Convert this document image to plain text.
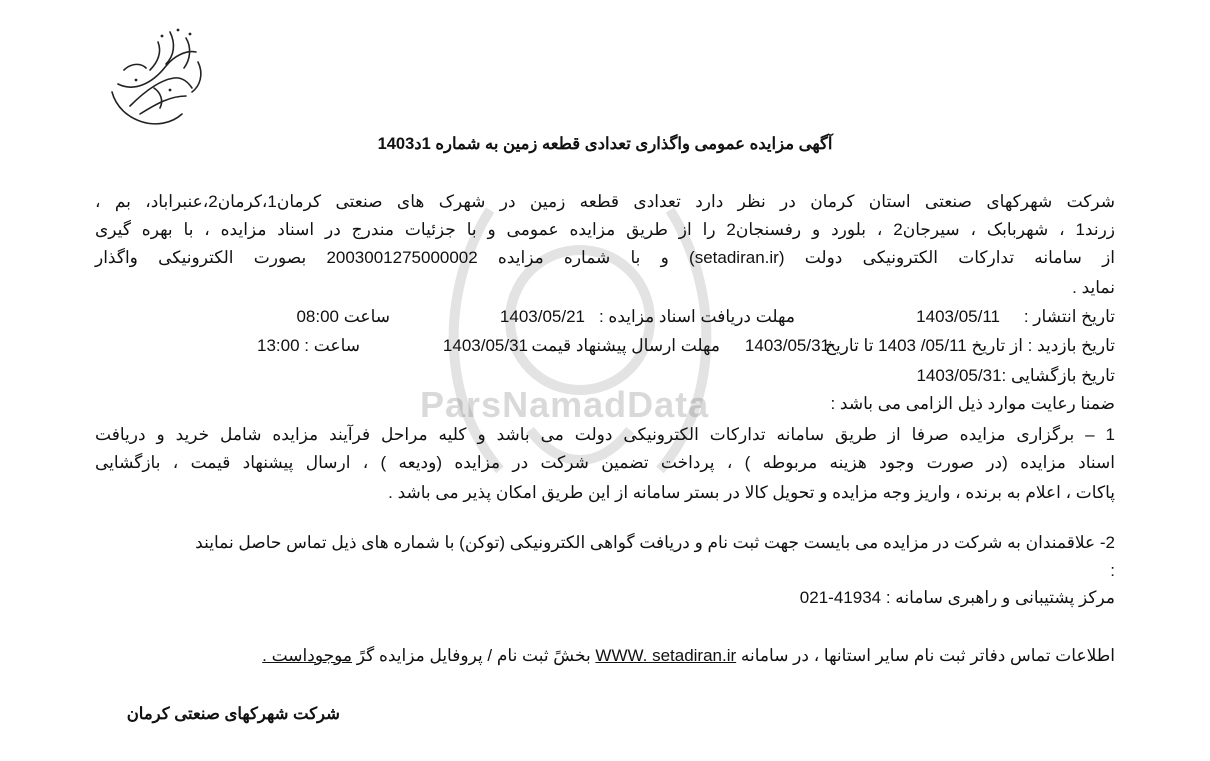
ParsNamadData
آگهی مزایده عمومی واگذاری تعدادی قطعه زمین به شماره 1د1403
شرکت شهرکهای صنعتی استان کرمان در نظر دارد تعدادی قطعه زمین در شهرک های صنعتی کرمان1،کرمان2،عنبراباد، بم ،
زرند1 ، شهربابک ، سیرجان2 ، بلورد و رفسنجان2 را از طریق مزایده عمومی و با جزئیات مندرج در اسناد مزایده ، با بهره گیری
از سامانه تدارکات الکترونیکی دولت (setadiran.ir) و با شماره مزایده 2003001275000002 بصورت الکترونیکی واگذار
نماید .
تاریخ انتشار :
1403/05/11
مهلت دریافت اسناد مزایده :
1403/05/21
ساعت 08:00
تاریخ بازدید : از تاریخ 05/11/ 1403 تا تاریخ
1403/05/31
مهلت ارسال پیشنهاد قیمت
1403/05/31
ساعت : 13:00
تاریخ بازگشایی :1403/05/31
ضمنا رعایت موارد ذیل الزامی می باشد :
1 – برگزاری مزایده صرفا از طریق سامانه تدارکات الکترونیکی دولت می باشد و کلیه مراحل فرآیند مزایده شامل خرید و دریافت
اسناد مزایده (در صورت وجود هزینه مربوطه ) ، پرداخت تضمین شرکت در مزایده (ودیعه ) ، ارسال پیشنهاد قیمت ، بازگشایی
پاکات ، اعلام به برنده ، واریز وجه مزایده و تحویل کالا در بستر سامانه از این طریق امکان پذیر می باشد .
2- علاقمندان به شرکت در مزایده می بایست جهت ثبت نام و دریافت گواهی الکترونیکی (توکن) با شماره های ذیل تماس حاصل نمایند
:
مرکز پشتیبانی و راهبری سامانه : 41934-021
اطلاعات تماس دفاتر ثبت نام سایر استانها ، در سامانه WWW. setadiran.ir بخشً ثبت نام / پروفایل مزایده گرً موجوداست .
شرکت شهرکهای صنعتی کرمان
